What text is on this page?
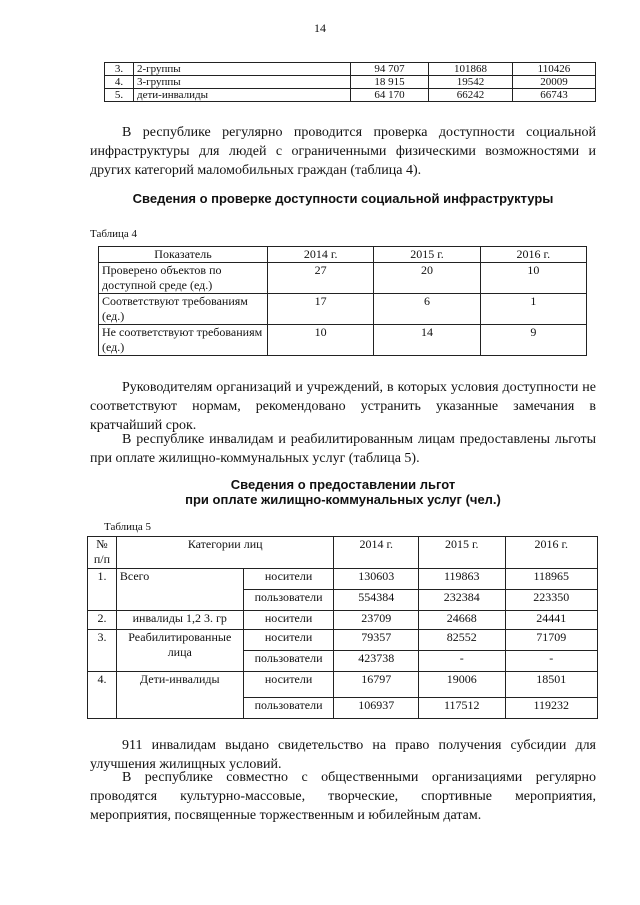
14
3.	2-группы	94 707	101868	110426
4.	3-группы	18 915	19542	20009
5.	дети-инвалиды	64 170	66242	66743
В республике регулярно проводится проверка доступности социальной инфраструктуры для людей с ограниченными физическими возможностями и других категорий маломобильных граждан (таблица 4).
Сведения о проверке доступности социальной инфраструктуры
Таблица 4
Показатель	2014 г.	2015 г.	2016 г.
Проверено объектов по доступной среде (ед.)	27	20	10
Соответствуют требованиям (ед.)	17	6	1
Не соответствуют требованиям (ед.)	10	14	9
Руководителям организаций и учреждений, в которых условия доступности не соответствуют нормам, рекомендовано устранить указанные замечания в кратчайший срок.
В республике инвалидам и реабилитированным лицам предоставлены льготы при оплате жилищно-коммунальных услуг (таблица 5).
Сведения о предоставлении льгот
при оплате жилищно-коммунальных услуг (чел.)
Таблица 5
№ п/п	Категории лиц		2014 г.	2015 г.	2016 г.
1.	Всего	носители	130603	119863	118965
		пользователи	554384	232384	223350
2.	инвалиды 1,2 3. гр	носители	23709	24668	24441
3.	Реабилитированные лица	носители	79357	82552	71709
		пользователи	423738	-	-
4.	Дети-инвалиды	носители	16797	19006	18501
		пользователи	106937	117512	119232
911 инвалидам выдано свидетельство на право получения субсидии для улучшения жилищных условий.
В республике совместно с общественными организациями регулярно проводятся культурно-массовые, творческие, спортивные мероприятия, мероприятия, посвященные торжественным и юбилейным датам.
